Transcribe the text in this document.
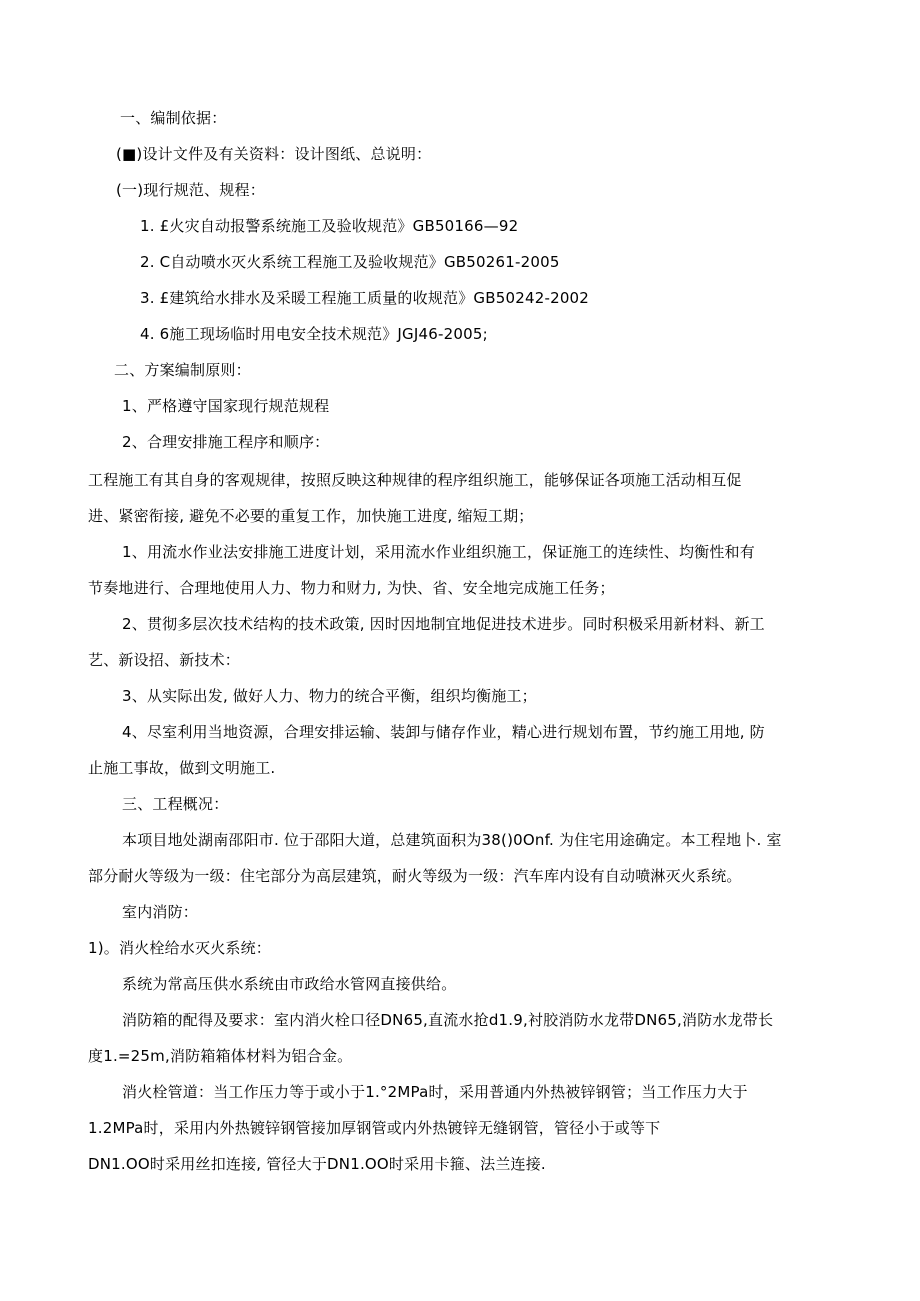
一、编制依据：
(■)设计文件及有关资料：设计图纸、总说明：
(一)现行规范、规程：
1. £火灾自动报警系统施工及验收规范》GB50166—92
2. C自动喷水灭火系统工程施工及验收规范》GB50261-2005
3. £建筑给水排水及采暖工程施工质量的收规范》GB50242-2002
4. 6施工现场临时用电安全技术规范》JGJ46-2005;
二、方案编制原则：
1、严格遵守国家现行规范规程
2、合理安排施工程序和顺序：
工程施工有其自身的客观规律，按照反映这种规律的程序组织施工，能够保证各项施工活动相互促
进、紧密衔接, 避免不必要的重复工作，加快施工进度, 缩短工期；
1、用流水作业法安排施工进度计划，采用流水作业组织施工，保证施工的连续性、均衡性和有
节奏地进行、合理地使用人力、物力和财力, 为快、省、安全地完成施工任务；
2、贯彻多层次技术结构的技术政策, 因时因地制宜地促进技术进步。同时积极采用新材料、新工
艺、新设招、新技术：
3、从实际出发, 做好人力、物力的统合平衡，组织均衡施工；
4、尽室利用当地资源，合理安排运输、装卸与储存作业，精心进行规划布置，节约施工用地, 防
止施工事故，做到文明施工.
三、工程概况：
本项目地处湖南邵阳市. 位于邵阳大道，总建筑面积为38()0Onf. 为住宅用途确定。本工程地卜. 室
部分耐火等级为一级：住宅部分为高层建筑，耐火等级为一级：汽车库内设有自动喷淋灭火系统。
室内消防：
1)。消火栓给水灭火系统：
系统为常高压供水系统由市政给水管网直接供给。
消防箱的配得及要求：室内消火栓口径DN65,直流水抢d1.9,衬胶消防水龙带DN65,消防水龙带长
度1.=25m,消防箱箱体材料为铝合金。
消火栓管道：当工作压力等于或小于1.°2MPa时，采用普通内外热被锌钢管；当工作压力大于
1.2MPa时，采用内外热镀锌钢管接加厚钢管或内外热镀锌无缝钢管，管径小于或等下
DN1.OO时采用丝扣连接, 管径大于DN1.OO时采用卡箍、法兰连接.
